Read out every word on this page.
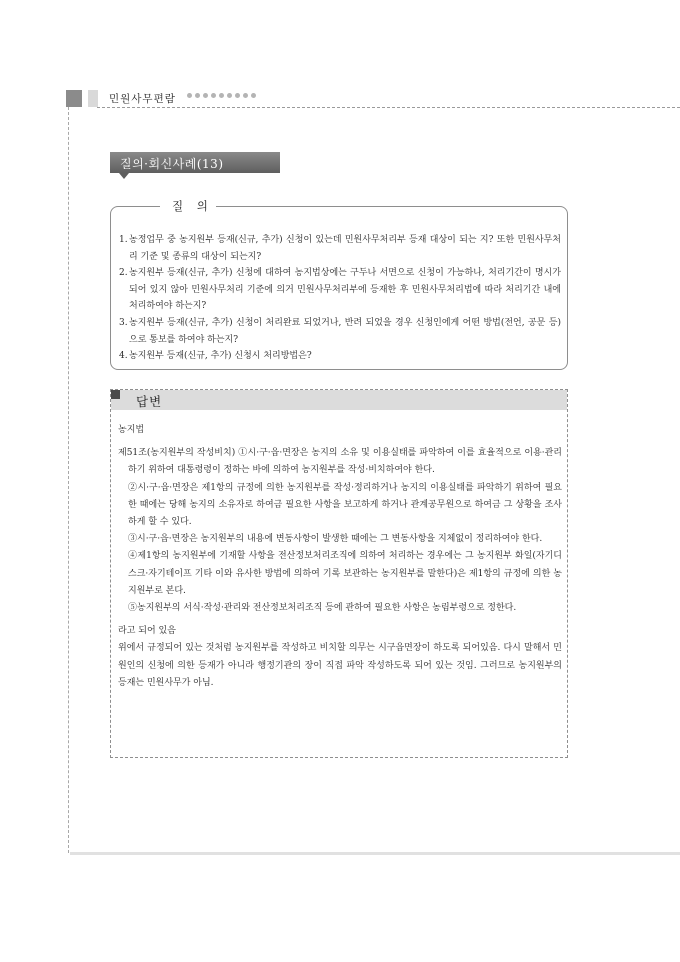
민원사무편람
질의·회신사례(13)
질 의
1. 농정업무 중 농지원부 등재(신규, 추가) 신청이 있는데 민원사무처리부 등재 대상이 되는 지? 또한 민원사무처리 기준 및 종류의 대상이 되는지?
2. 농지원부 등재(신규, 추가) 신청에 대하여 농지법상에는 구두나 서면으로 신청이 가능하나, 처리기간이 명시가 되어 있지 않아 민원사무처리 기준에 의거 민원사무처리부에 등재한 후 민원사무처리법에 따라 처리기간 내에 처리하여야 하는지?
3. 농지원부 등재(신규, 추가) 신청이 처리완료 되었거나, 반려 되었을 경우 신청인에게 어떤 방법(전언, 공문 등)으로 통보를 하여야 하는지?
4. 농지원부 등재(신규, 추가) 신청시 처리방법은?
답변

농지법

제51조(농지원부의 작성비치) ①시·구·읍·면장은 농지의 소유 및 이용실태를 파악하여 이를 효율적으로 이용·관리하기 위하여 대통령령이 정하는 바에 의하여 농지원부를 작성·비치하여야 한다.

②시·구·읍·면장은 제1항의 규정에 의한 농지원부를 작성·정리하거나 농지의 이용실태를 파악하기 위하여 필요한 때에는 당해 농지의 소유자로 하여금 필요한 사항을 보고하게 하거나 관계공무원으로 하여금 그 상황을 조사하게 할 수 있다.

③시·구·읍·면장은 농지원부의 내용에 변동사항이 발생한 때에는 그 변동사항을 지체없이 정리하여야 한다.

④제1항의 농지원부에 기재할 사항을 전산정보처리조직에 의하여 처리하는 경우에는 그 농지원부 화일(자기디스크·자기테이프 기타 이와 유사한 방법에 의하여 기록 보관하는 농지원부를 말한다)은 제1항의 규정에 의한 농지원부로 본다.

⑤농지원부의 서식·작성·관리와 전산정보처리조직 등에 관하여 필요한 사항은 농림부령으로 정한다.

라고 되어 있음

위에서 규정되어 있는 것처럼 농지원부를 작성하고 비치할 의무는 시구읍면장이 하도록 되어있음. 다시 말해서 민원인의 신청에 의한 등재가 아니라 행정기관의 장이 직접 파악 작성하도록 되어 있는 것임. 그러므로 농지원부의 등재는 민원사무가 아님.
